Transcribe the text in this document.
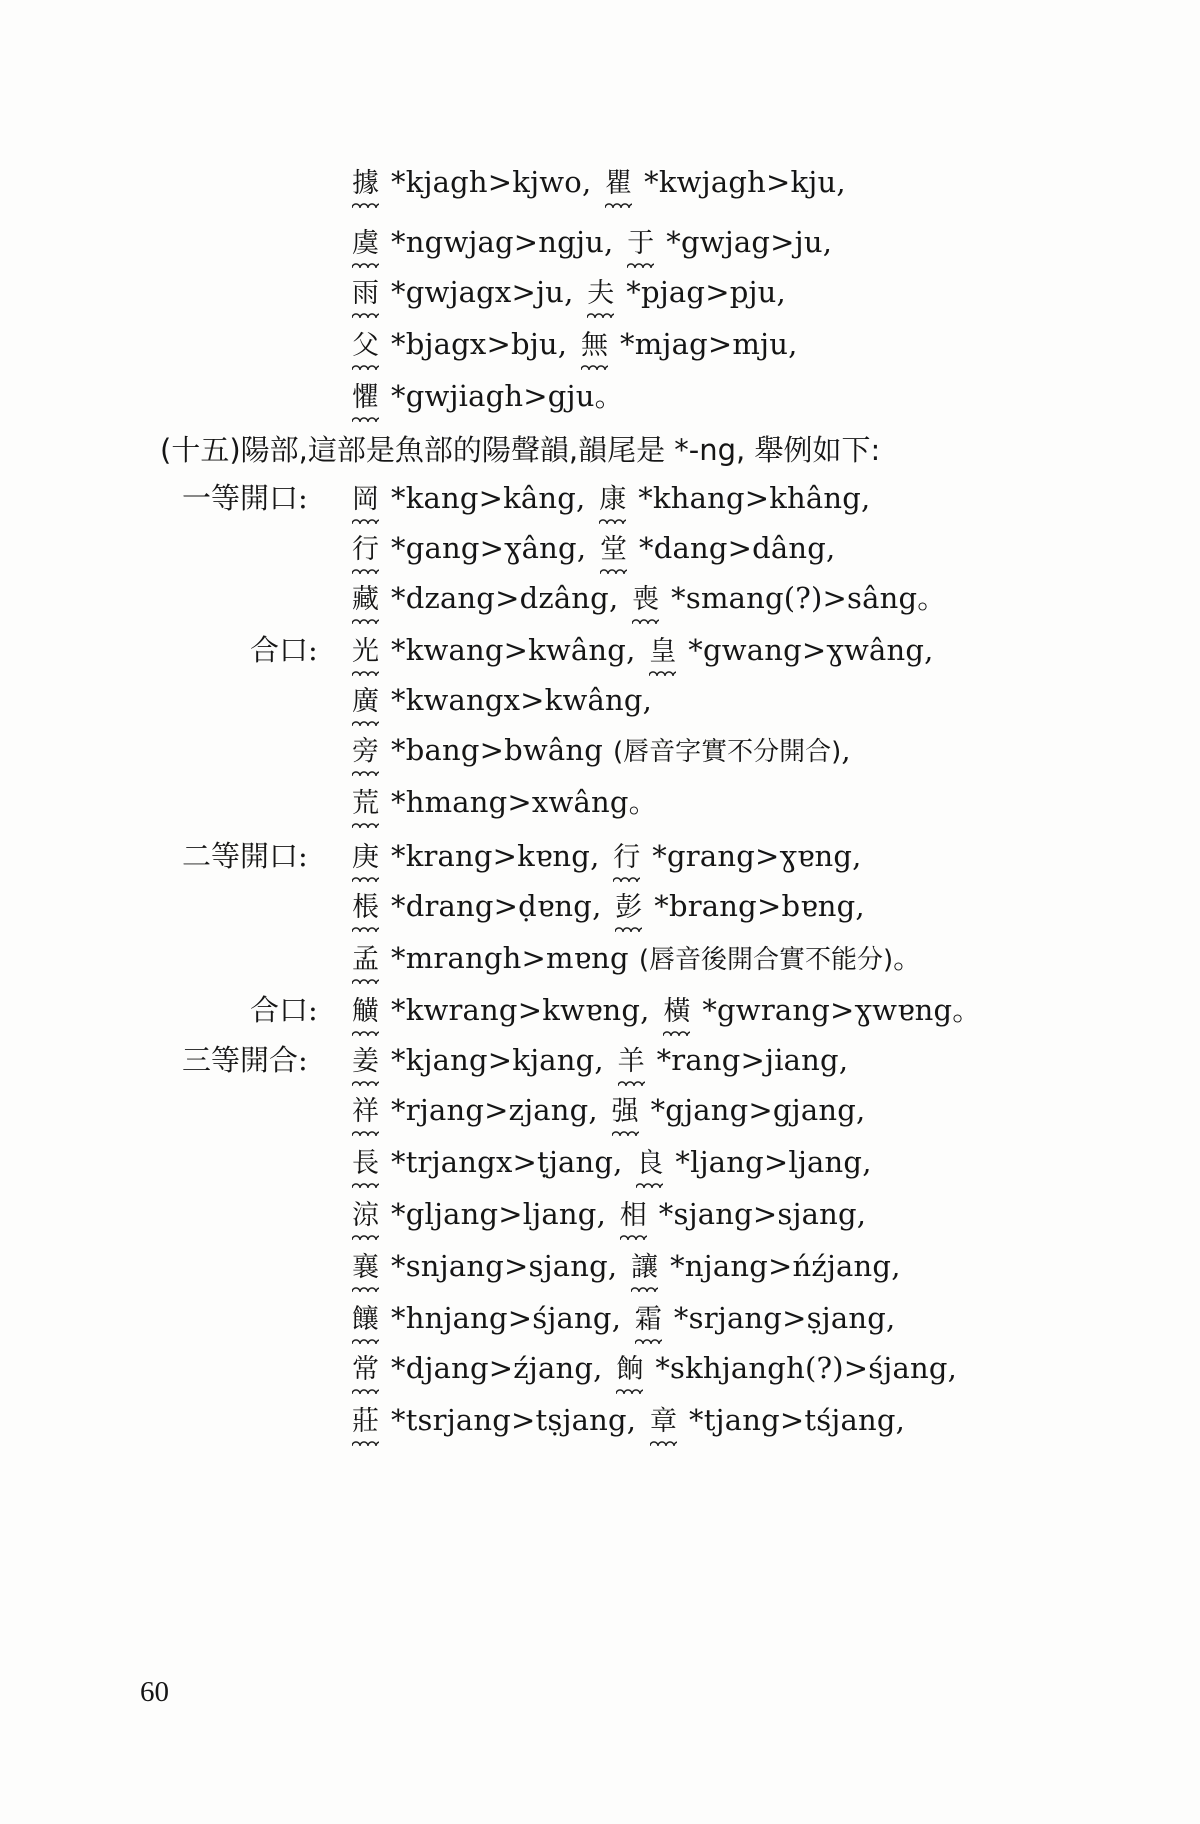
據 *kjagh>kjwo, 瞿 *kwjagh>kju,
虞 *ngwjag>ngju, 于 *gwjag>ju,
雨 *gwjagx>ju, 夫 *pjag>pju,
父 *bjagx>bju, 無 *mjag>mju,
懼 *gwjiagh>gju。
(十五)陽部,這部是魚部的陽聲韻,韻尾是 *-ng, 舉例如下:
一等開口: 岡 *kang>kâng, 康 *khang>khâng,
行 *gang>ɣâng, 堂 *dang>dâng,
藏 *dzang>dzâng, 喪 *smang(?)>sâng。
合口: 光 *kwang>kwâng, 皇 *gwang>ɣwâng,
廣 *kwangx>kwâng,
旁 *bang>bwâng (唇音字實不分開合),
荒 *hmang>xwâng。
二等開口: 庚 *krang>kɐng, 行 *grang>ɣɐng,
棖 *drang>ḍɐng, 彭 *brang>bɐng,
孟 *mrangh>mɐng (唇音後開合實不能分)。
合口: 觵 *kwrang>kwɐng, 橫 *gwrang>ɣwɐng。
三等開合: 姜 *kjang>kjang, 羊 *rang>jiang,
祥 *rjang>zjang, 强 *gjang>gjang,
長 *trjangx>ṭjang, 良 *ljang>ljang,
涼 *gljang>ljang, 相 *sjang>sjang,
襄 *snjang>sjang, 讓 *njang>ńźjang,
饟 *hnjang>śjang, 霜 *srjang>ṣjang,
常 *djang>źjang, 餉 *skhjangh(?)>śjang,
莊 *tsrjang>tṣjang, 章 *tjang>tśjang,
60
